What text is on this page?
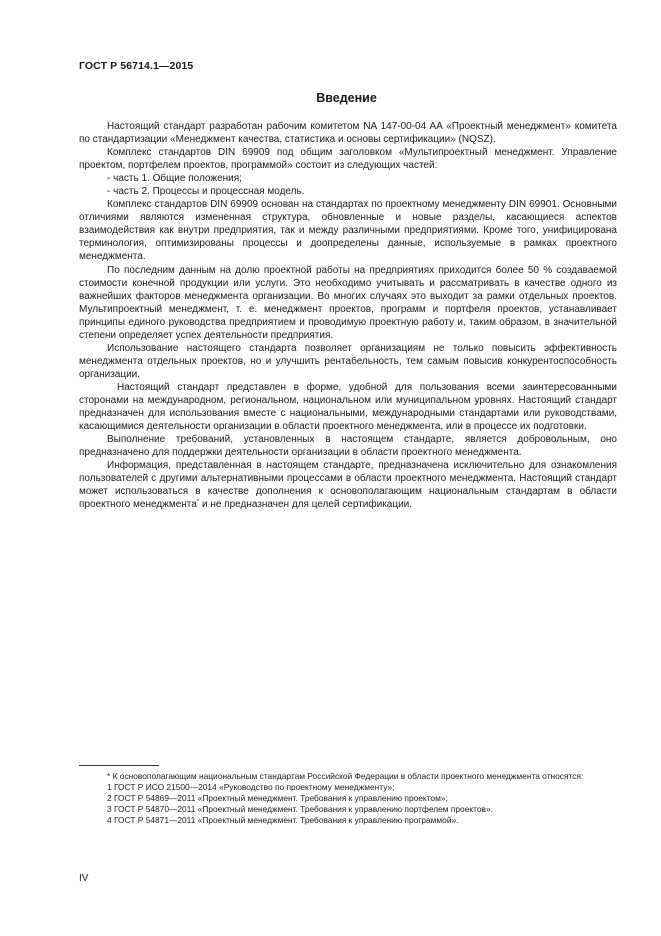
ГОСТ Р 56714.1—2015
Введение

Настоящий стандарт разработан рабочим комитетом NA 147-00-04 AA «Проектный менеджмент» комитета по стандартизации «Менеджмент качества, статистика и основы сертификации» (NQSZ).

Комплекс стандартов DIN 69909 под общим заголовком «Мультипроектный менеджмент. Управление проектом, портфелем проектов, программой» состоит из следующих частей:

- часть 1. Общие положения;

- часть 2. Процессы и процессная модель.

Комплекс стандартов DIN 69909 основан на стандартах по проектному менеджменту DIN 69901. Основными отличиями являются измененная структура, обновленные и новые разделы, касающиеся аспектов взаимодействия как внутри предприятия, так и между различными предприятиями. Кроме того, унифицирована терминология, оптимизированы процессы и доопределены данные, используемые в рамках проектного менеджмента.

По последним данным на долю проектной работы на предприятиях приходится более 50 % создаваемой стоимости конечной продукции или услуги. Это необходимо учитывать и рассматривать в качестве одного из важнейших факторов менеджмента организации. Во многих случаях это выходит за рамки отдельных проектов. Мультипроектный менеджмент, т. е. менеджмент проектов, программ и портфеля проектов, устанавливает принципы единого руководства предприятием и проводимую проектную работу и, таким образом, в значительной степени определяет успех деятельности предприятия.

Использование настоящего стандарта позволяет организациям не только повысить эффективность менеджмента отдельных проектов, но и улучшить рентабельность, тем самым повысив конкурентоспособность организации.

Настоящий стандарт представлен в форме, удобной для пользования всеми заинтересованными сторонами на международном, региональном, национальном или муниципальном уровнях. Настоящий стандарт предназначен для использования вместе с национальными, международными стандартами или руководствами, касающимися деятельности организации в области проектного менеджмента, или в процессе их подготовки.

Выполнение требований, установленных в настоящем стандарте, является добровольным, оно предназначено для поддержки деятельности организации в области проектного менеджмента.

Информация, представленная в настоящем стандарте, предназначена исключительно для ознакомления пользователей с другими альтернативными процессами в области проектного менеджмента. Настоящий стандарт может использоваться в качестве дополнения к основополагающим национальным стандартам в области проектного менеджмента* и не предназначен для целей сертификации.

* К основополагающим национальным стандартам Российской Федерации в области проектного менеджмента относятся:

1 ГОСТ Р ИСО 21500—2014 «Руководство по проектному менеджменту»;

2 ГОСТ Р 54869—2011 «Проектный менеджмент. Требования к управлению проектом»;

3 ГОСТ Р 54870—2011 «Проектный менеджмент. Требования к управлению портфелем проектов».

4 ГОСТ Р 54871—2011 «Проектный менеджмент. Требования к управлению программой».

IV
